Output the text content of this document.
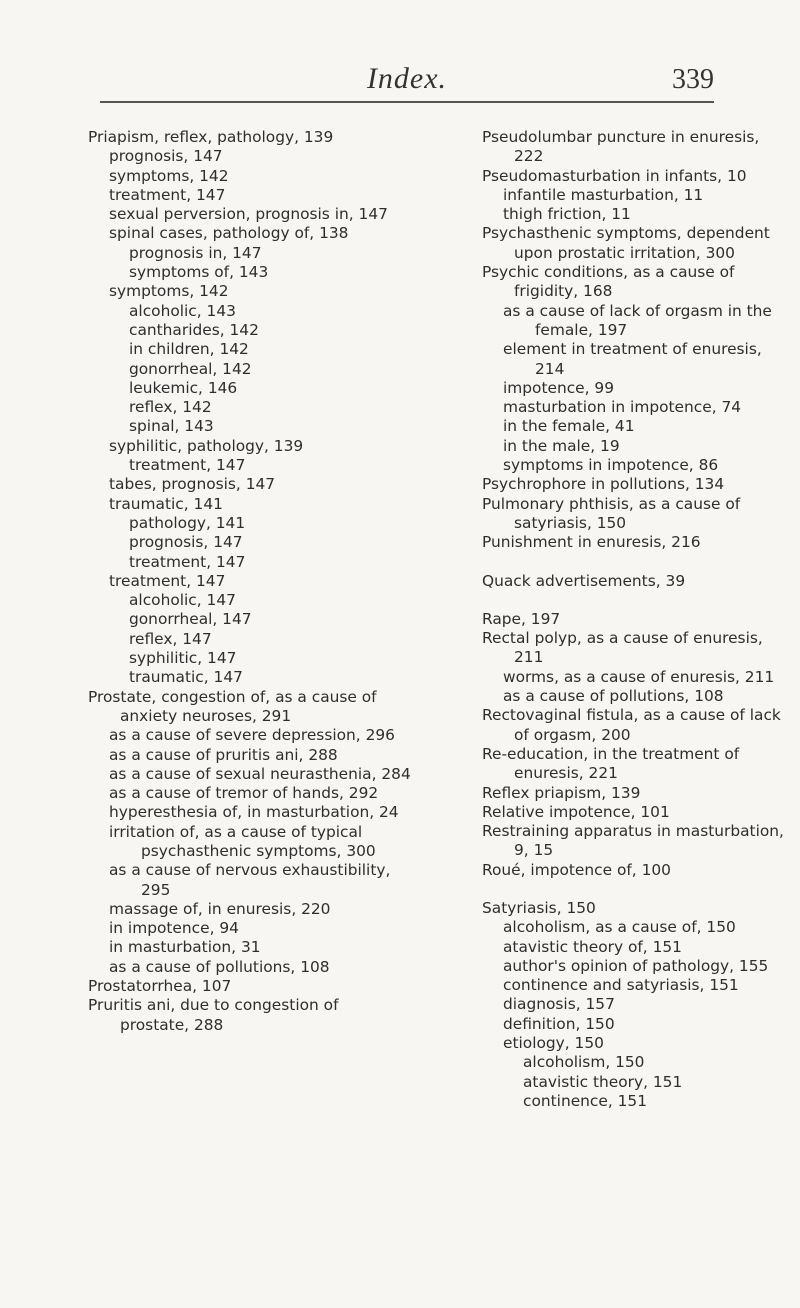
Index.	339
Priapism, reflex, pathology, 139
prognosis, 147
symptoms, 142
treatment, 147
sexual perversion, prognosis in, 147
spinal cases, pathology of, 138
prognosis in, 147
symptoms of, 143
symptoms, 142
alcoholic, 143
cantharides, 142
in children, 142
gonorrheal, 142
leukemic, 146
reflex, 142
spinal, 143
syphilitic, pathology, 139
treatment, 147
tabes, prognosis, 147
traumatic, 141
pathology, 141
prognosis, 147
treatment, 147
treatment, 147
alcoholic, 147
gonorrheal, 147
reflex, 147
syphilitic, 147
traumatic, 147
Prostate, congestion of, as a cause of anxiety neuroses, 291
as a cause of severe depression, 296
as a cause of pruritis ani, 288
as a cause of sexual neurasthenia, 284
as a cause of tremor of hands, 292
hyperesthesia of, in masturbation, 24
irritation of, as a cause of typical psychasthenic symptoms, 300
as a cause of nervous exhaustibility, 295
massage of, in enuresis, 220
in impotence, 94
in masturbation, 31
as a cause of pollutions, 108
Prostatorrhea, 107
Pruritis ani, due to congestion of prostate, 288
Pseudolumbar puncture in enuresis, 222
Pseudomasturbation in infants, 10
infantile masturbation, 11
thigh friction, 11
Psychasthenic symptoms, dependent upon prostatic irritation, 300
Psychic conditions, as a cause of frigidity, 168
as a cause of lack of orgasm in the female, 197
element in treatment of enuresis, 214
impotence, 99
masturbation in impotence, 74
in the female, 41
in the male, 19
symptoms in impotence, 86
Psychrophore in pollutions, 134
Pulmonary phthisis, as a cause of satyriasis, 150
Punishment in enuresis, 216
Quack advertisements, 39
Rape, 197
Rectal polyp, as a cause of enuresis, 211
worms, as a cause of enuresis, 211
as a cause of pollutions, 108
Rectovaginal fistula, as a cause of lack of orgasm, 200
Re-education, in the treatment of enuresis, 221
Reflex priapism, 139
Relative impotence, 101
Restraining apparatus in masturbation, 9, 15
Roué, impotence of, 100
Satyriasis, 150
alcoholism, as a cause of, 150
atavistic theory of, 151
author's opinion of pathology, 155
continence and satyriasis, 151
diagnosis, 157
definition, 150
etiology, 150
alcoholism, 150
atavistic theory, 151
continence, 151
